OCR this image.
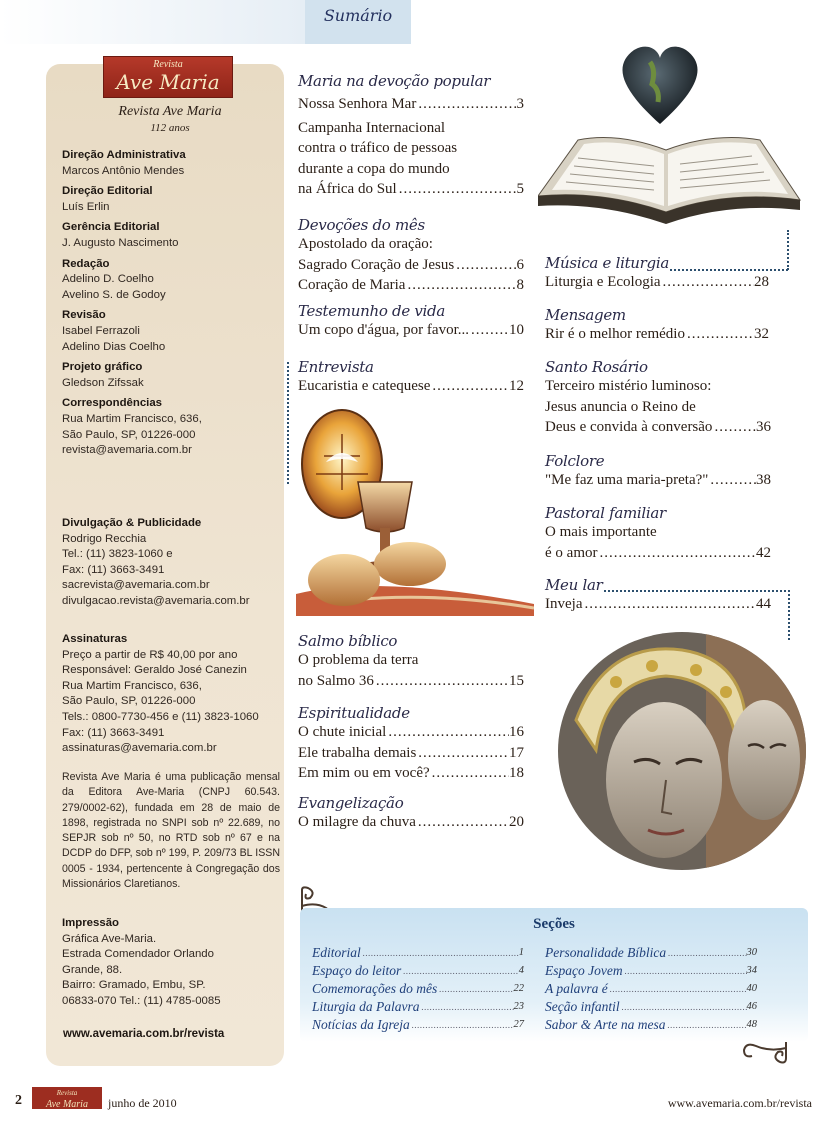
Sumário
Revista
Ave Maria
Revista Ave Maria
112 anos
Direção Administrativa
Marcos Antônio Mendes
Direção Editorial
Luís Erlin
Gerência Editorial
J. Augusto Nascimento
Redação
Adelino D. Coelho
Avelino S. de Godoy
Revisão
Isabel Ferrazoli
Adelino Dias Coelho
Projeto gráfico
Gledson Zifssak
Correspondências
Rua Martim Francisco, 636,
São Paulo, SP, 01226-000
revista@avemaria.com.br
Divulgação & Publicidade
Rodrigo Recchia
Tel.: (11) 3823-1060 e
Fax: (11) 3663-3491
sacrevista@avemaria.com.br
divulgacao.revista@avemaria.com.br
Assinaturas
Preço a partir de R$ 40,00 por ano
Responsável: Geraldo José Canezin
Rua Martim Francisco, 636,
São Paulo, SP, 01226-000
Tels.: 0800-7730-456 e (11) 3823-1060
Fax: (11) 3663-3491
assinaturas@avemaria.com.br
Revista Ave Maria é uma publicação mensal da Editora Ave-Maria (CNPJ 60.543. 279/0002-62), fundada em 28 de maio de 1898, registrada no SNPI sob nº 22.689, no SEPJR sob nº 50, no RTD sob nº 67 e na DCDP do DFP, sob nº 199, P. 209/73 BL ISSN 0005 - 1934, pertencente à Congregação dos Missionários Claretianos.
Impressão
Gráfica Ave-Maria.
Estrada Comendador Orlando
Grande, 88.
Bairro: Gramado, Embu, SP.
06833-070 Tel.: (11) 4785-0085
www.avemaria.com.br/revista
Maria na devoção popular
Nossa Senhora Mar .....	3
Campanha Internacional
contra o tráfico de pessoas
durante a copa do mundo
na África do Sul .....	5
Devoções do mês
Apostolado da oração:
Sagrado Coração de Jesus .....	6
Coração de Maria .....	8
Testemunho de vida
Um copo d'água, por favor... .....	10
Entrevista
Eucaristia e catequese .....	12
Salmo bíblico
O problema da terra
no Salmo 36 .....	15
Espiritualidade
O chute inicial .....	16
Ele trabalha demais .....	17
Em mim ou em você? .....	18
Evangelização
O milagre da chuva .....	20
Música e liturgia
Liturgia e Ecologia .....	28
Mensagem
Rir é o melhor remédio .....	32
Santo Rosário
Terceiro mistério luminoso:
Jesus anuncia o Reino de
Deus e convida à conversão .....	36
Folclore
"Me faz uma maria-preta?" .....	38
Pastoral familiar
O mais importante
é o amor .....	42
Meu lar
Inveja .....	44
Seções
Editorial .....	1
Espaço do leitor .....	4
Comemorações do mês .....	22
Liturgia da Palavra .....	23
Notícias da Igreja .....	27
Personalidade Bíblica .....	30
Espaço Jovem .....	34
A palavra é .....	40
Seção infantil .....	46
Sabor & Arte na mesa .....	48
2	Revista
Ave Maria	junho de 2010	www.avemaria.com.br/revista
